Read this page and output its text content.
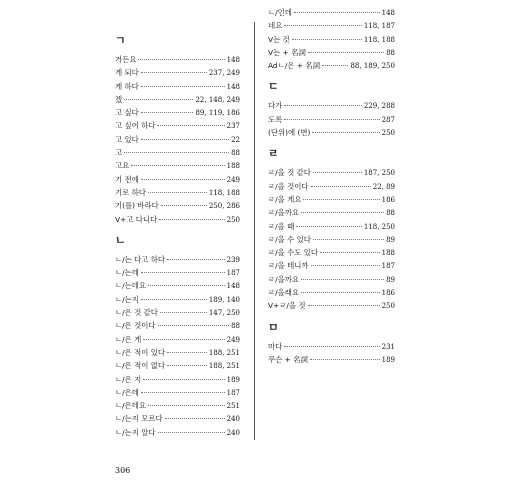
ㄱ
거든요	148
게 되다	237, 249
게 하다	148
겠	22, 148, 249
고 싶다	89, 119, 186
고 싶어 하다	237
고 있다	22
고	88
고요	188
기 전에	249
기로 하다	118, 188
기(를) 바라다	250, 286
V+고 다니다	250
ㄴ
ㄴ/는 다고 하다	239
ㄴ/는데	187
ㄴ/는데요	148
ㄴ/는지	189, 140
ㄴ/은 것 같다	147, 250
ㄴ/은 것이다	88
ㄴ/은 게	249
ㄴ/은 적이 있다	188, 251
ㄴ/은 적이 없다	188, 251
ㄴ/은 지	189
ㄴ/은데	187
ㄴ/은데요	251
ㄴ/는지 모르다	240
ㄴ/는지 알다	240
ㄴ/인데	148
네요	118, 187
V는 것	118, 188
V는 + 名詞	88
Adㄴ/은 + 名詞	88, 189, 250
ㄷ
다가	229, 288
도록	287
(단위)에 (번)	250
ㄹ
ㄹ/을 것 같다	187, 250
ㄹ/을 것이다	22, 89
ㄹ/을 게요	186
ㄹ/을까요	88
ㄹ/을 때	118, 250
ㄹ/을 수 있다	89
ㄹ/을 수도 있다	188
ㄹ/을 테니까	187
ㄹ/을까요	89
ㄹ/을래요	186
V+ㄹ/을 것	250
ㅁ
마다	231
무슨 + 名詞	189
306
